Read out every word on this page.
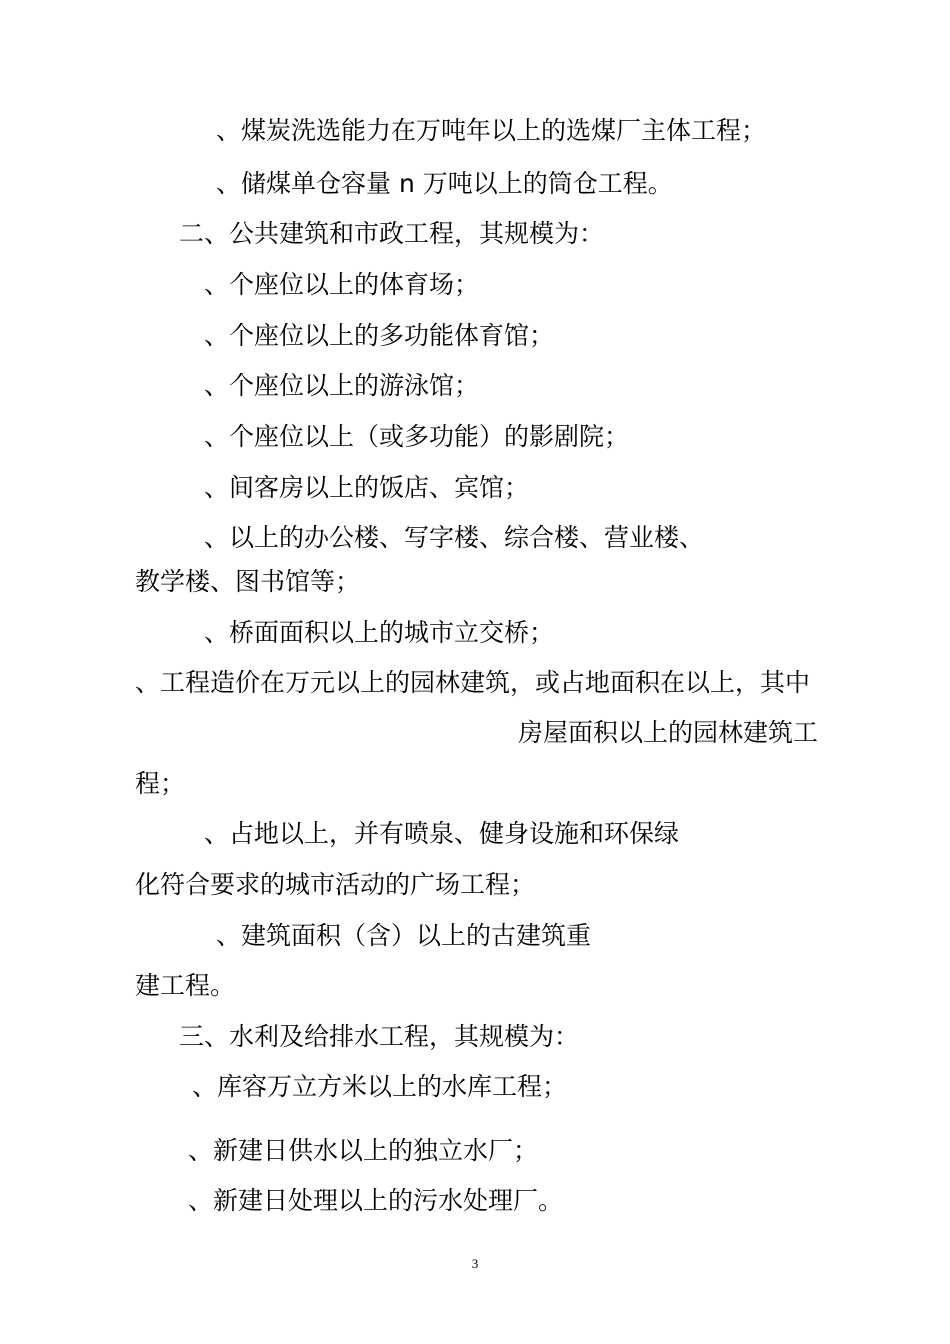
、煤炭洗选能力在万吨年以上的选煤厂主体工程；
、储煤单仓容量 n 万吨以上的筒仓工程。
二、公共建筑和市政工程，其规模为：
、个座位以上的体育场；
、个座位以上的多功能体育馆；
、个座位以上的游泳馆；
、个座位以上（或多功能）的影剧院；
、间客房以上的饭店、宾馆；
、以上的办公楼、写字楼、综合楼、营业楼、
教学楼、图书馆等；
、桥面面积以上的城市立交桥；
、工程造价在万元以上的园林建筑，或占地面积在以上，其中
房屋面积以上的园林建筑工
程；
、占地以上，并有喷泉、健身设施和环保绿
化符合要求的城市活动的广场工程；
、建筑面积（含）以上的古建筑重
建工程。
三、水利及给排水工程，其规模为：
、库容万立方米以上的水库工程；
、新建日供水以上的独立水厂；
、新建日处理以上的污水处理厂。
3
